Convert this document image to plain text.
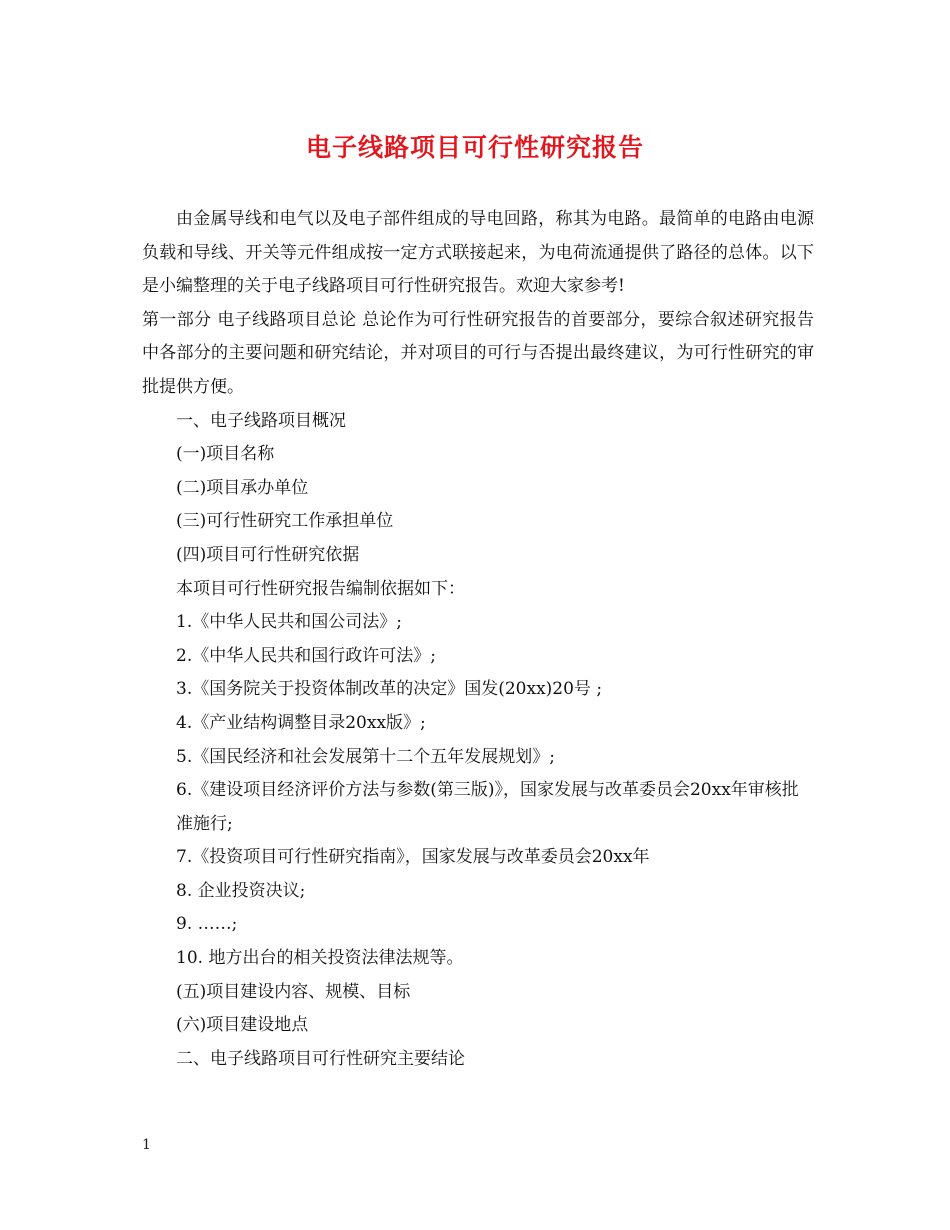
电子线路项目可行性研究报告

由金属导线和电气以及电子部件组成的导电回路，称其为电路。最简单的电路由电源负载和导线、开关等元件组成按一定方式联接起来，为电荷流通提供了路径的总体。以下是小编整理的关于电子线路项目可行性研究报告。欢迎大家参考!

第一部分 电子线路项目总论 总论作为可行性研究报告的首要部分，要综合叙述研究报告中各部分的主要问题和研究结论，并对项目的可行与否提出最终建议，为可行性研究的审批提供方便。

一、电子线路项目概况

(一)项目名称

(二)项目承办单位

(三)可行性研究工作承担单位

(四)项目可行性研究依据

本项目可行性研究报告编制依据如下：

1.《中华人民共和国公司法》;

2.《中华人民共和国行政许可法》;

3.《国务院关于投资体制改革的决定》国发(20xx)20号 ;

4.《产业结构调整目录20xx版》;

5.《国民经济和社会发展第十二个五年发展规划》;

6.《建设项目经济评价方法与参数(第三版)》，国家发展与改革委员会20xx年审核批准施行;

7.《投资项目可行性研究指南》，国家发展与改革委员会20xx年

8. 企业投资决议;

9. ……;

10. 地方出台的相关投资法律法规等。

(五)项目建设内容、规模、目标

(六)项目建设地点

二、电子线路项目可行性研究主要结论

1
